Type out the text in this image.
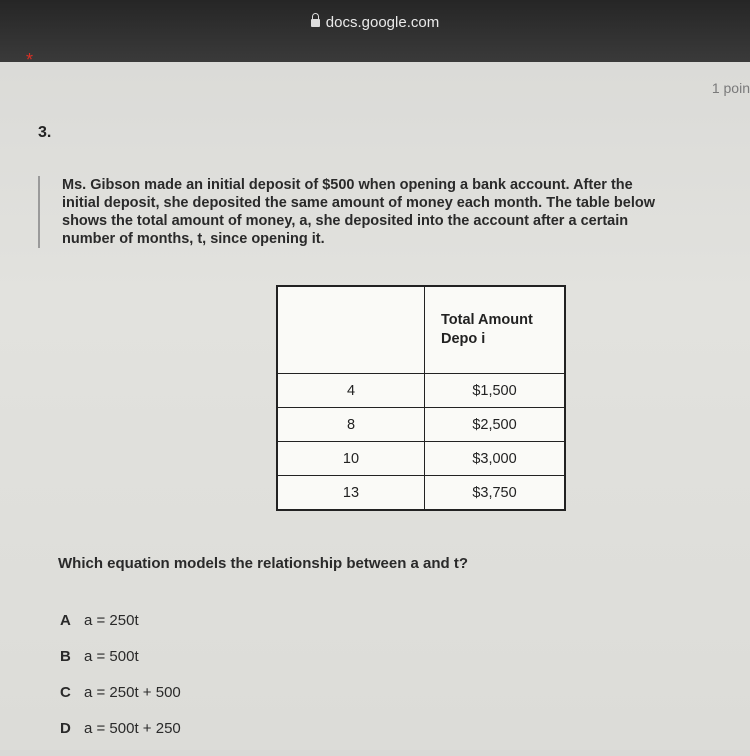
docs.google.com
*
1 poin
3.

Ms. Gibson made an initial deposit of $500 when opening a bank account. After the

initial deposit, she deposited the same amount of money each month. The table below

shows the total amount of money, a, she deposited into the account after a certain

number of months, t, since opening it.

	Total Amount
Depo i

4	$1,500
8	$2,500
10	$3,000
13	$3,750
Which equation models the relationship between a and t?
A a = 250t
B a = 500t
C a = 250t + 500
D a = 500t + 250
